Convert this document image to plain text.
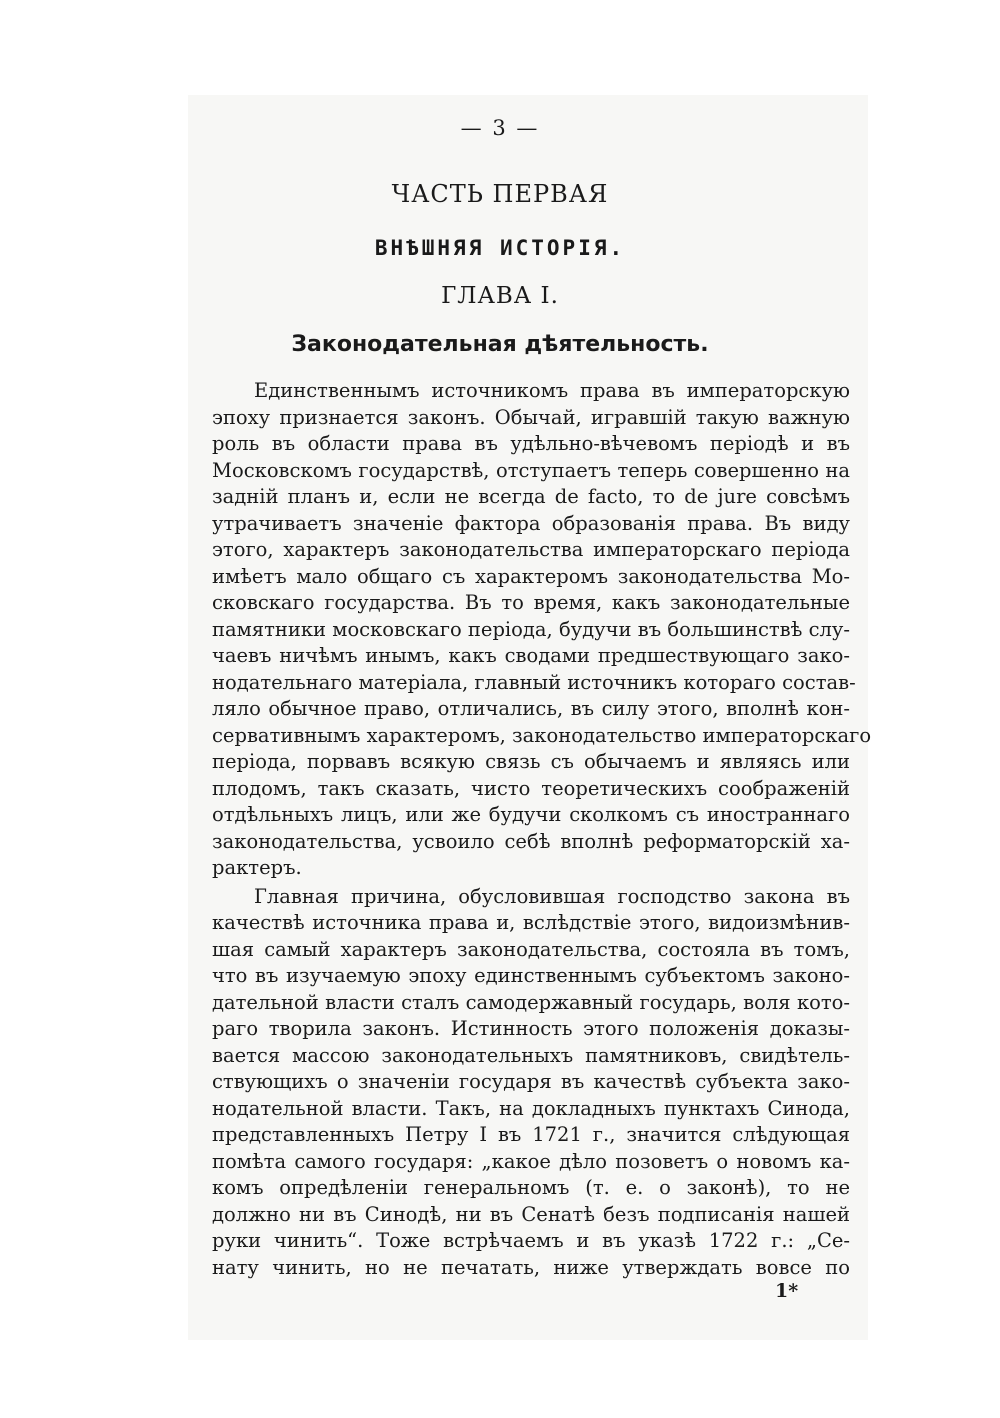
— 3 —
ЧАСТЬ ПЕРВАЯ
ВНѢШНЯЯ ИСТОРІЯ.
ГЛАВА I.
Законодательная дѣятельность.
Единственнымъ источникомъ права въ императорскую
эпоху признается законъ. Обычай, игравшій такую важную
роль въ области права въ удѣльно-вѣчевомъ періодѣ и въ
Московскомъ государствѣ, отступаетъ теперь совершенно на
задній планъ и, если не всегда de facto, то de jure совсѣмъ
утрачиваетъ значеніе фактора образованія права. Въ виду
этого, характеръ законодательства императорскаго періода
имѣетъ мало общаго съ характеромъ законодательства Мо-
сковскаго государства. Въ то время, какъ законодательные
памятники московскаго періода, будучи въ большинствѣ слу-
чаевъ ничѣмъ инымъ, какъ сводами предшествующаго зако-
нодательнаго матеріала, главный источникъ котораго состав-
ляло обычное право, отличались, въ силу этого, вполнѣ кон-
сервативнымъ характеромъ, законодательство императорскаго
періода, порвавъ всякую связь съ обычаемъ и являясь или
плодомъ, такъ сказать, чисто теоретическихъ соображеній
отдѣльныхъ лицъ, или же будучи сколкомъ съ иностраннаго
законодательства, усвоило себѣ вполнѣ реформаторскій ха-
рактеръ.
Главная причина, обусловившая господство закона въ
качествѣ источника права и, вслѣдствіе этого, видоизмѣнив-
шая самый характеръ законодательства, состояла въ томъ,
что въ изучаемую эпоху единственнымъ субъектомъ законо-
дательной власти сталъ самодержавный государь, воля кото-
раго творила законъ. Истинность этого положенія доказы-
вается массою законодательныхъ памятниковъ, свидѣтель-
ствующихъ о значеніи государя въ качествѣ субъекта зако-
нодательной власти. Такъ, на докладныхъ пунктахъ Синода,
представленныхъ Петру I въ 1721 г., значится слѣдующая
помѣта самого государя: „какое дѣло позоветъ о новомъ ка-
комъ опредѣленіи генеральномъ (т. е. о законѣ), то не
должно ни въ Синодѣ, ни въ Сенатѣ безъ подписанія нашей
руки чинить“. Тоже встрѣчаемъ и въ указѣ 1722 г.: „Се-
нату чинить, но не печатать, ниже утверждать вовсе по
1*
